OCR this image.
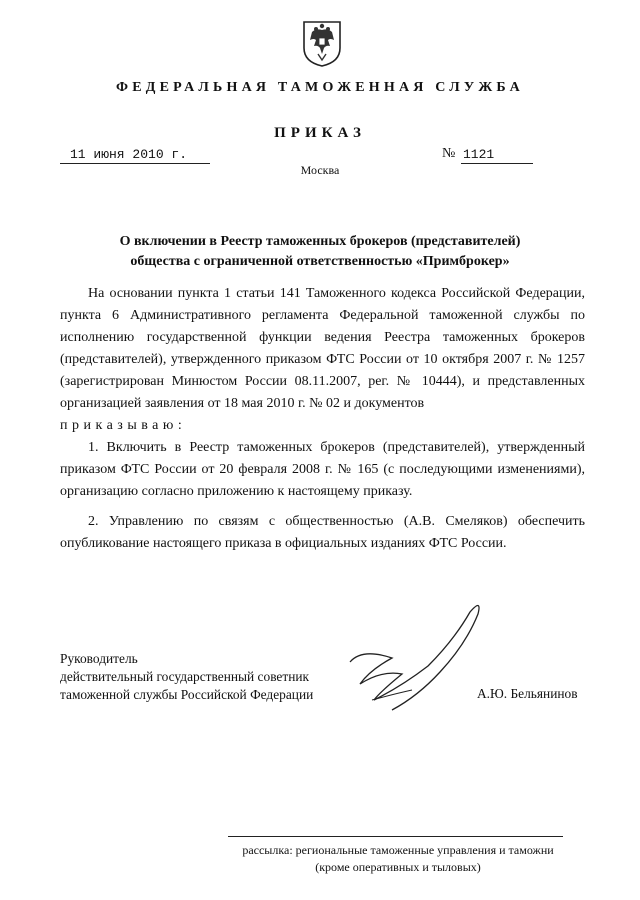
ФЕДЕРАЛЬНАЯ ТАМОЖЕННАЯ СЛУЖБА
ПРИКАЗ
11 июня 2010 г.	№ 1121
Москва
О включении в Реестр таможенных брокеров (представителей)
общества с ограниченной ответственностью «Примброкер»

На основании пункта 1 статьи 141 Таможенного кодекса Российской Федерации, пункта 6 Административного регламента Федеральной таможенной службы по исполнению государственной функции ведения Реестра таможенных брокеров (представителей), утвержденного приказом ФТС России от 10 октября 2007 г. № 1257 (зарегистрирован Минюстом России 08.11.2007, рег. № 10444), и представленных организацией заявления от 18 мая 2010 г. № 02 и документов

приказываю:

1. Включить в Реестр таможенных брокеров (представителей), утвержденный приказом ФТС России от 20 февраля 2008 г. № 165 (с последующими изменениями), организацию согласно приложению к настоящему приказу.

2. Управлению по связям с общественностью (А.В. Смеляков) обеспечить опубликование настоящего приказа в официальных изданиях ФТС России.

Руководитель
действительный государственный советник
таможенной службы Российской Федерации	А.Ю. Бельянинов
рассылка: региональные таможенные управления и таможни
(кроме оперативных и тыловых)
